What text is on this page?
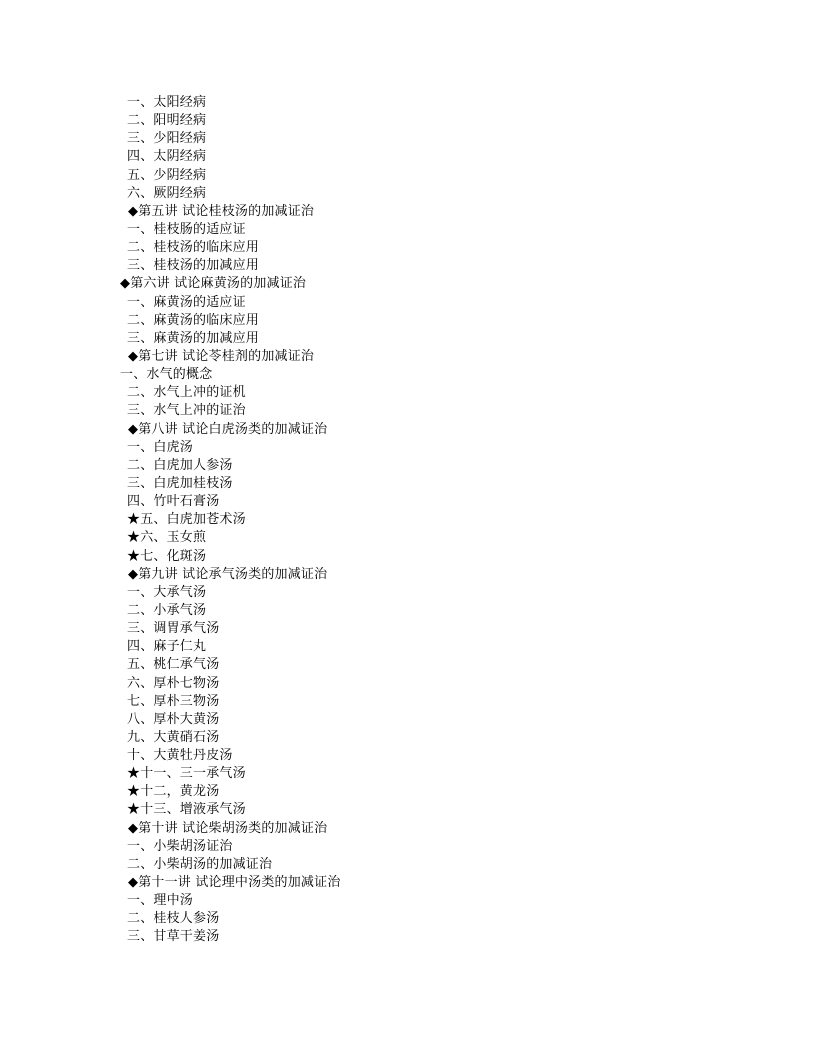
一、太阳经病
二、阳明经病
三、少阳经病
四、太阴经病
五、少阴经病
六、厥阴经病
◆第五讲 试论桂枝汤的加减证治
一、桂枝肠的适应证
二、桂枝汤的临床应用
三、桂枝汤的加减应用
◆第六讲 试论麻黄汤的加减证治
一、麻黄汤的适应证
二、麻黄汤的临床应用
三、麻黄汤的加减应用
◆第七讲 试论苓桂剂的加减证治
一、水气的概念
二、水气上冲的证机
三、水气上冲的证治
◆第八讲 试论白虎汤类的加减证治
一、白虎汤
二、白虎加人参汤
三、白虎加桂枝汤
四、竹叶石膏汤
★五、白虎加苍术汤
★六、玉女煎
★七、化斑汤
◆第九讲 试论承气汤类的加减证治
一、大承气汤
二、小承气汤
三、调胃承气汤
四、麻子仁丸
五、桃仁承气汤
六、厚朴七物汤
七、厚朴三物汤
八、厚朴大黄汤
九、大黄硝石汤
十、大黄牡丹皮汤
★十一、三一承气汤
★十二，黄龙汤
★十三、增液承气汤
◆第十讲 试论柴胡汤类的加减证治
一、小柴胡汤证治
二、小柴胡汤的加减证治
◆第十一讲 试论理中汤类的加减证治
一、理中汤
二、桂枝人参汤
三、甘草干姜汤
